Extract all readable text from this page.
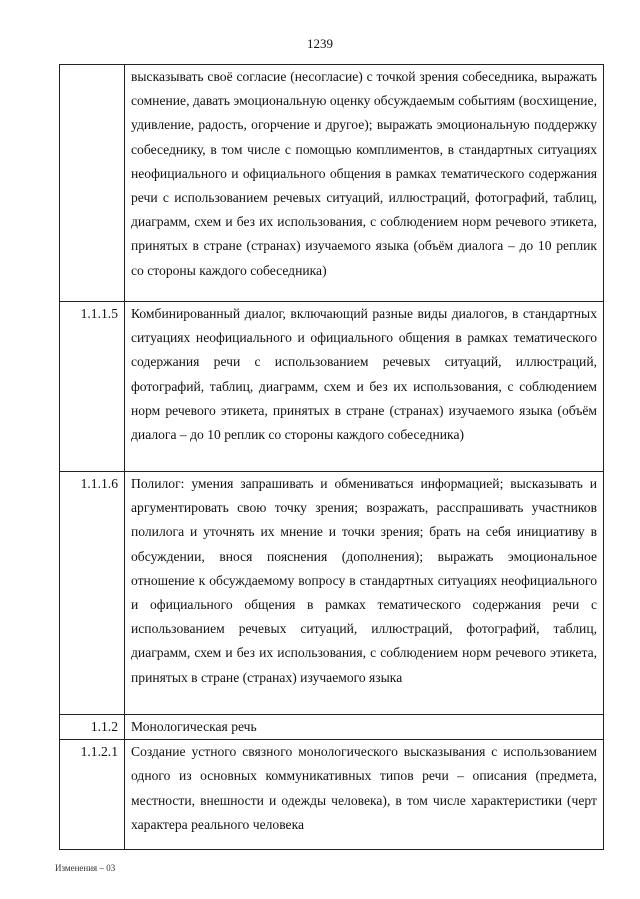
1239
	высказывать своё согласие (несогласие) с точкой зрения собеседника, выражать сомнение, давать эмоциональную оценку обсуждаемым событиям (восхищение, удивление, радость, огорчение и другое); выражать эмоциональную поддержку собеседнику, в том числе с помощью комплиментов, в стандартных ситуациях неофициального и официального общения в рамках тематического содержания речи с использованием речевых ситуаций, иллюстраций, фотографий, таблиц, диаграмм, схем и без их использования, с соблюдением норм речевого этикета, принятых в стране (странах) изучаемого языка (объём диалога – до 10 реплик со стороны каждого собеседника)
1.1.1.5	Комбинированный диалог, включающий разные виды диалогов, в стандартных ситуациях неофициального и официального общения в рамках тематического содержания речи с использованием речевых ситуаций, иллюстраций, фотографий, таблиц, диаграмм, схем и без их использования, с соблюдением норм речевого этикета, принятых в стране (странах) изучаемого языка (объём диалога – до 10 реплик со стороны каждого собеседника)
1.1.1.6	Полилог: умения запрашивать и обмениваться информацией; высказывать и аргументировать свою точку зрения; возражать, расспрашивать участников полилога и уточнять их мнение и точки зрения; брать на себя инициативу в обсуждении, внося пояснения (дополнения); выражать эмоциональное отношение к обсуждаемому вопросу в стандартных ситуациях неофициального и официального общения в рамках тематического содержания речи с использованием речевых ситуаций, иллюстраций, фотографий, таблиц, диаграмм, схем и без их использования, с соблюдением норм речевого этикета, принятых в стране (странах) изучаемого языка
1.1.2	Монологическая речь
1.1.2.1	Создание устного связного монологического высказывания с использованием одного из основных коммуникативных типов речи – описания (предмета, местности, внешности и одежды человека), в том числе характеристики (черт характера реального человека
Изменения – 03
